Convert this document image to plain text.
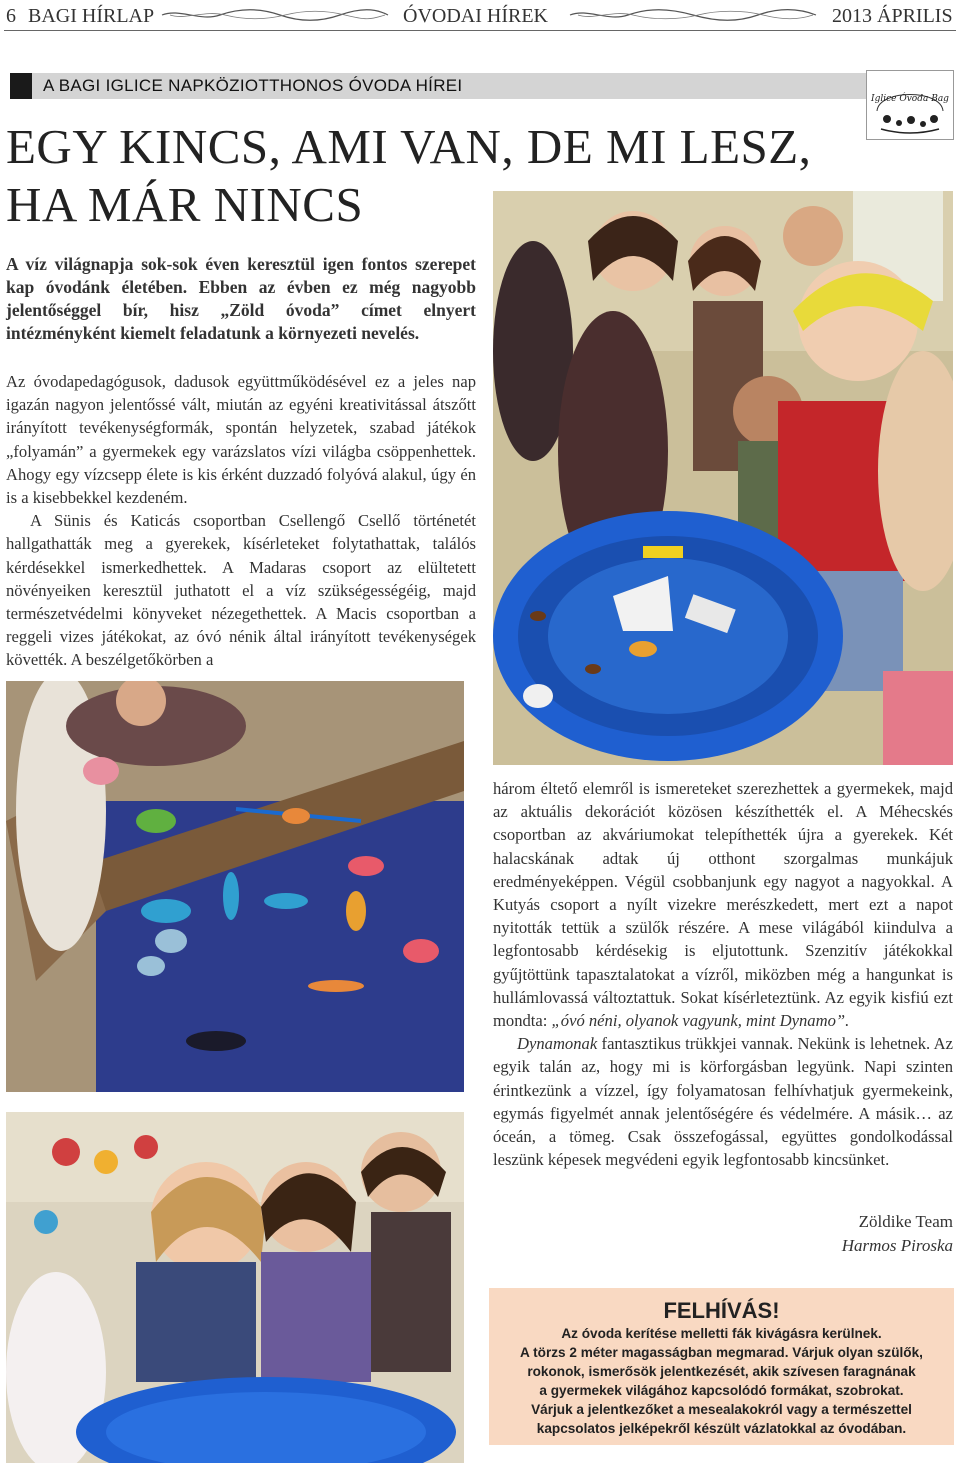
6 BAGI HÍRLAP	ÓVODAI HÍREK	2013 ÁPRILIS
A BAGI IGLICE NAPKÖZIOTTHONOS ÓVODA HÍREI
Iglice Óvoda Bag
EGY KINCS, AMI VAN, DE MI LESZ,
HA MÁR NINCS
A víz világnapja sok-sok éven keresztül igen fontos szerepet kap óvodánk életében. Ebben az évben ez még nagyobb jelentőséggel bír, hisz „Zöld óvoda” címet elnyert intézményként kiemelt feladatunk a környezeti nevelés.

Az óvodapedagógusok, dadusok együttműködésével ez a jeles nap igazán nagyon jelentőssé vált, miután az egyéni kreativitással átszőtt irányított tevékenységformák, spontán helyzetek, szabad játékok „folyamán” a gyermekek egy varázslatos vízi világba csöppenhettek. Ahogy egy vízcsepp élete is kis érként duzzadó folyóvá alakul, úgy én is a kisebbekkel kezdeném.

A Sünis és Katicás csoportban Csellengő Csellő történetét hallgathatták meg a gyerekek, kísérleteket folytathattak, találós kérdésekkel ismerkedhettek. A Madaras csoport az elültetett növényeiken keresztül juthatott el a víz szükségességéig, majd természetvédelmi könyveket nézegethettek. A Macis csoportban a reggeli vizes játékokat, az óvó nénik által irányított tevékenységek követték. A beszélgetőkörben a

három éltető elemről is ismereteket szerezhettek a gyermekek, majd az aktuális dekorációt közösen készíthették el. A Méhecskés csoportban az akváriumokat telepíthették újra a gyerekek. Két halacskának adtak új otthont szorgalmas munkájuk eredményeképpen. Végül csobbanjunk egy nagyot a nagyokkal. A Kutyás csoport a nyílt vizekre merészkedett, mert ezt a napot nyitották tettük a szülők részére. A mese világából kiindulva a legfontosabb kérdésekig is eljutottunk. Szenzitív játékokkal gyűjtöttünk tapasztalatokat a vízről, miközben még a hangunkat is hullámlovassá változtattuk. Sokat kísérleteztünk. Az egyik kisfiú ezt mondta: „óvó néni, olyanok vagyunk, mint Dynamo”.

Dynamonak fantasztikus trükkjei vannak. Nekünk is lehetnek. Az egyik talán az, hogy mi is körforgásban legyünk. Napi szinten érintkezünk a vízzel, így folyamatosan felhívhatjuk gyermekeink, egymás figyelmét annak jelentőségére és védelmére. A másik… az óceán, a tömeg. Csak összefogással, együttes gondolkodással leszünk képesek megvédeni egyik legfontosabb kincsünket.

Zöldike Team
Harmos Piroska
FELHÍVÁS!
Az óvoda kerítése melletti fák kivágásra kerülnek.
A törzs 2 méter magasságban megmarad. Várjuk olyan szülők,
rokonok, ismerősök jelentkezését, akik szívesen faragnának
a gyermekek világához kapcsolódó formákat, szobrokat.
Várjuk a jelentkezőket a mesealakokról vagy a természettel
kapcsolatos jelképekről készült vázlatokkal az óvodában.
